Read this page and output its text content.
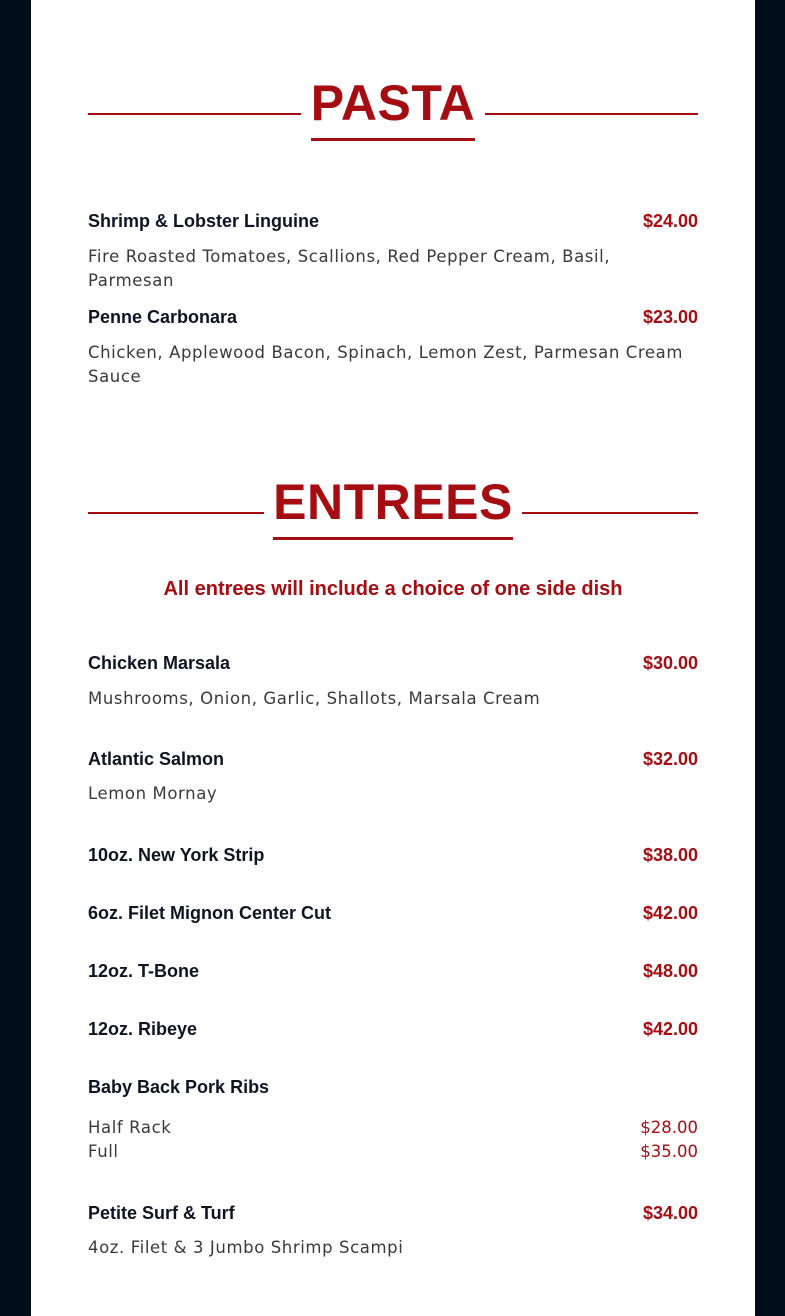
PASTA
Shrimp & Lobster Linguine	$24.00
Fire Roasted Tomatoes, Scallions, Red Pepper Cream, Basil, Parmesan
Penne Carbonara	$23.00
Chicken, Applewood Bacon, Spinach, Lemon Zest, Parmesan Cream Sauce
ENTREES
All entrees will include a choice of one side dish
Chicken Marsala	$30.00
Mushrooms, Onion, Garlic, Shallots, Marsala Cream
Atlantic Salmon	$32.00
Lemon Mornay
10oz. New York Strip	$38.00
6oz. Filet Mignon Center Cut	$42.00
12oz. T-Bone	$48.00
12oz. Ribeye	$42.00
Baby Back Pork Ribs
Half Rack	$28.00
Full	$35.00
Petite Surf & Turf	$34.00
4oz. Filet & 3 Jumbo Shrimp Scampi
